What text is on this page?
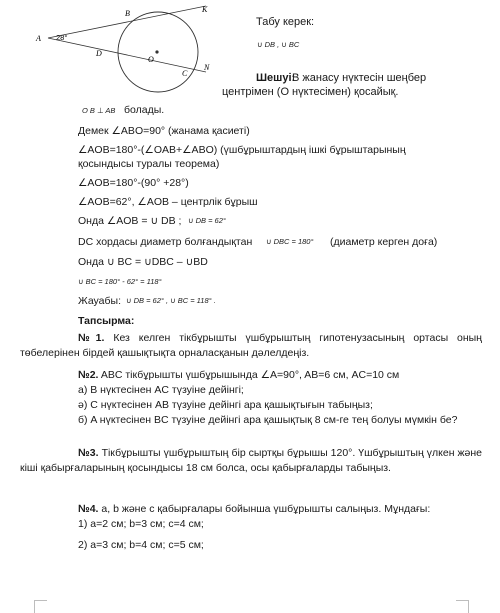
A
B	K
D
O
C
N
28°
Табу керек:
∪ DB , ∪ BC
Шешуі:
В жанасу нүктесін шеңбер
центрімен (О нүктесімен) қосайық.
O B ⊥ AB болады.
Демек ∠ABO=90° (жанама қасиеті)
∠AOB=180°-(∠OAB+∠ABO) (үшбұрыштардың ішкі бұрыштарының
қосындысы туралы теорема)
∠AOB=180°-(90° +28°)
∠AOB=62°, ∠AOB – центрлік бұрыш
Онда ∠AOB = ∪ DB ; ∪ DB = 62°
DC хордасы диаметр болғандықтан ∪ DBC = 180° (диаметр керген доға)
Онда ∪ BC = ∪DBC – ∪BD
∪ BC = 180° - 62° = 118°
Жауабы: ∪ DB = 62° , ∪ BC = 118° .
Тапсырма:
№1. Кез келген тікбұрышты үшбұрыштың гипотенузасының ортасы оның төбелерінен бірдей қашықтықта орналасқанын дәлелдеңіз.
№2. ABC тікбұрышты үшбұрышында ∠A=90°, AB=6 см, AC=10 см
а) B нүктесінен AC түзуіне дейінгі;
ә) C нүктесінен AB түзуіне дейінгі ара қашықтығын табыңыз;
б) A нүктесінен BC түзуіне дейінгі ара қашықтық 8 см-ге тең болуы мүмкін бе?
№3. Тікбұрышты үшбұрыштың бір сыртқы бұрышы 120°. Үшбұрыштың үлкен және кіші қабырғаларының қосындысы 18 см болса, осы қабырғаларды табыңыз.
№4. a, b және c қабырғалары бойынша үшбұрышты салыңыз. Мұндағы:
1) a=2 см; b=3 см; c=4 см;
2) a=3 см; b=4 см; c=5 см;
